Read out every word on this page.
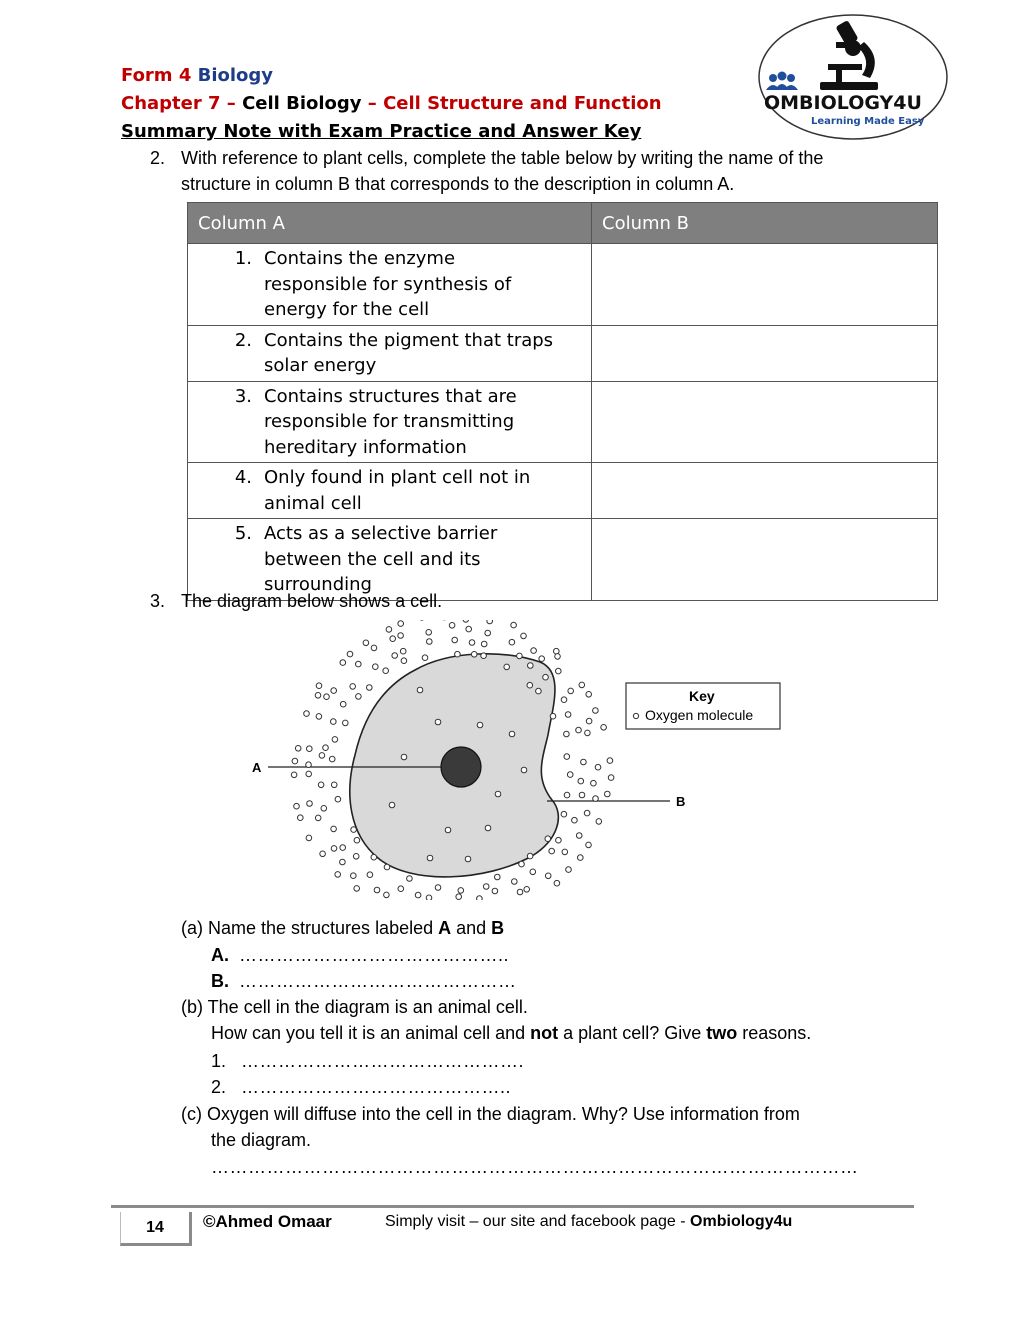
Form 4 Biology
Chapter 7 – Cell Biology – Cell Structure and Function
Summary Note with Exam Practice and Answer Key
OMBIOLOGY4U
Learning Made Easy
2. With reference to plant cells, complete the table below by writing the name of the
structure in column B that corresponds to the description in column A.
Column A	Column B
1. Contains the enzyme
responsible for synthesis of
energy for the cell	
2. Contains the pigment that traps
solar energy	
3. Contains structures that are
responsible for transmitting
hereditary information	
4. Only found in plant cell not in
animal cell	
5. Acts as a selective barrier
between the cell and its
surrounding	
3. The diagram below shows a cell.
A
B
Key
Oxygen molecule
(a) Name the structures labeled A and B
A. ……………………………………..
B. ………………………………………
(b) The cell in the diagram is an animal cell.
How can you tell it is an animal cell and not a plant cell? Give two reasons.
1. ……………………………………….
2. ……………………………………..
(c) Oxygen will diffuse into the cell in the diagram. Why? Use information from
the diagram.
……………………………………………………………………………………………
14	©Ahmed Omaar	Simply visit – our site and facebook page - Ombiology4u
